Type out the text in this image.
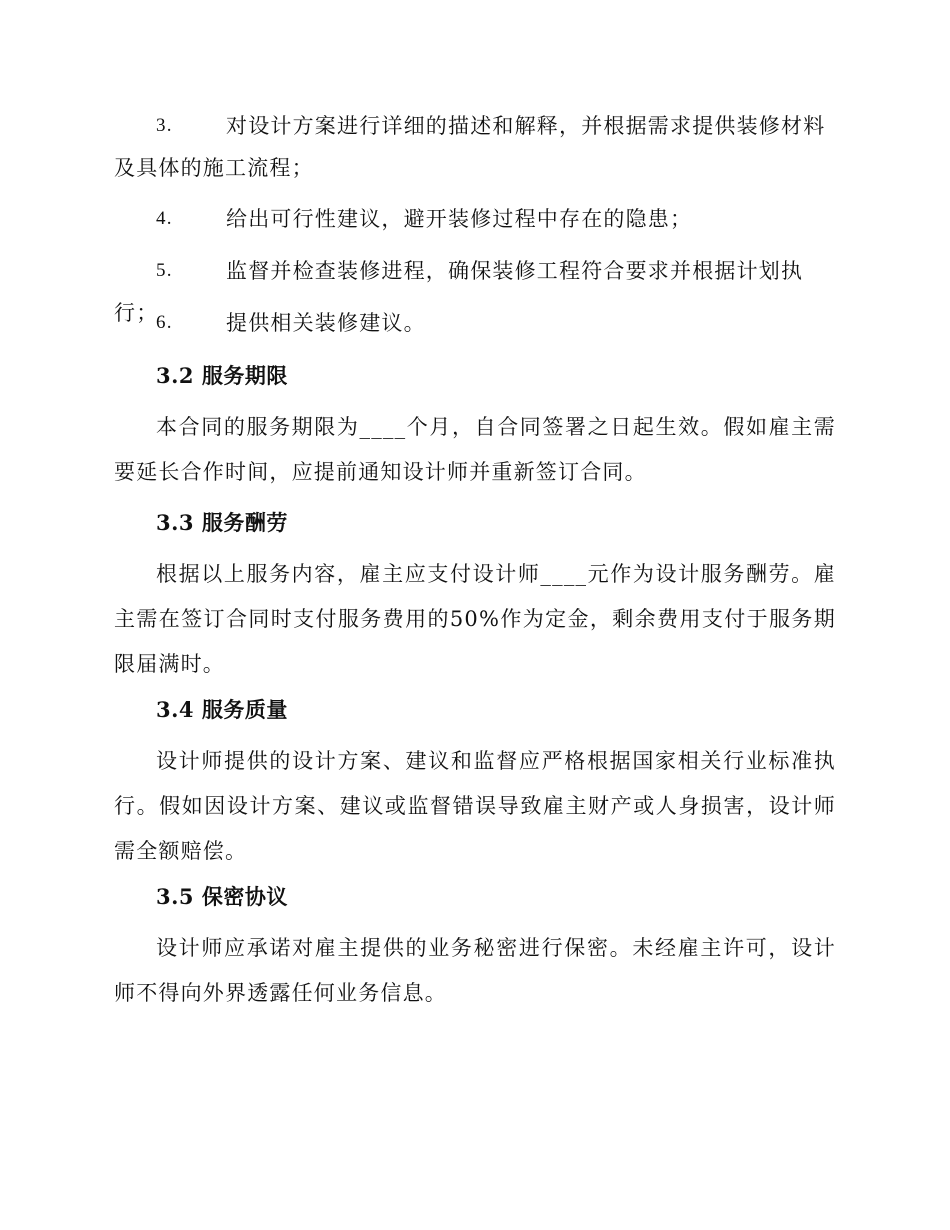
3.	对设计方案进行详细的描述和解释，并根据需求提供装修材料及具体的施工流程；
4.	给出可行性建议，避开装修过程中存在的隐患；
5.	监督并检查装修进程，确保装修工程符合要求并根据计划执行；
6.	提供相关装修建议。
3.2 服务期限
本合同的服务期限为____个月，自合同签署之日起生效。假如雇主需要延长合作时间，应提前通知设计师并重新签订合同。
3.3 服务酬劳
根据以上服务内容，雇主应支付设计师____元作为设计服务酬劳。雇主需在签订合同时支付服务费用的50%作为定金，剩余费用支付于服务期限届满时。
3.4 服务质量
设计师提供的设计方案、建议和监督应严格根据国家相关行业标准执行。假如因设计方案、建议或监督错误导致雇主财产或人身损害，设计师需全额赔偿。
3.5 保密协议
设计师应承诺对雇主提供的业务秘密进行保密。未经雇主许可，设计师不得向外界透露任何业务信息。
